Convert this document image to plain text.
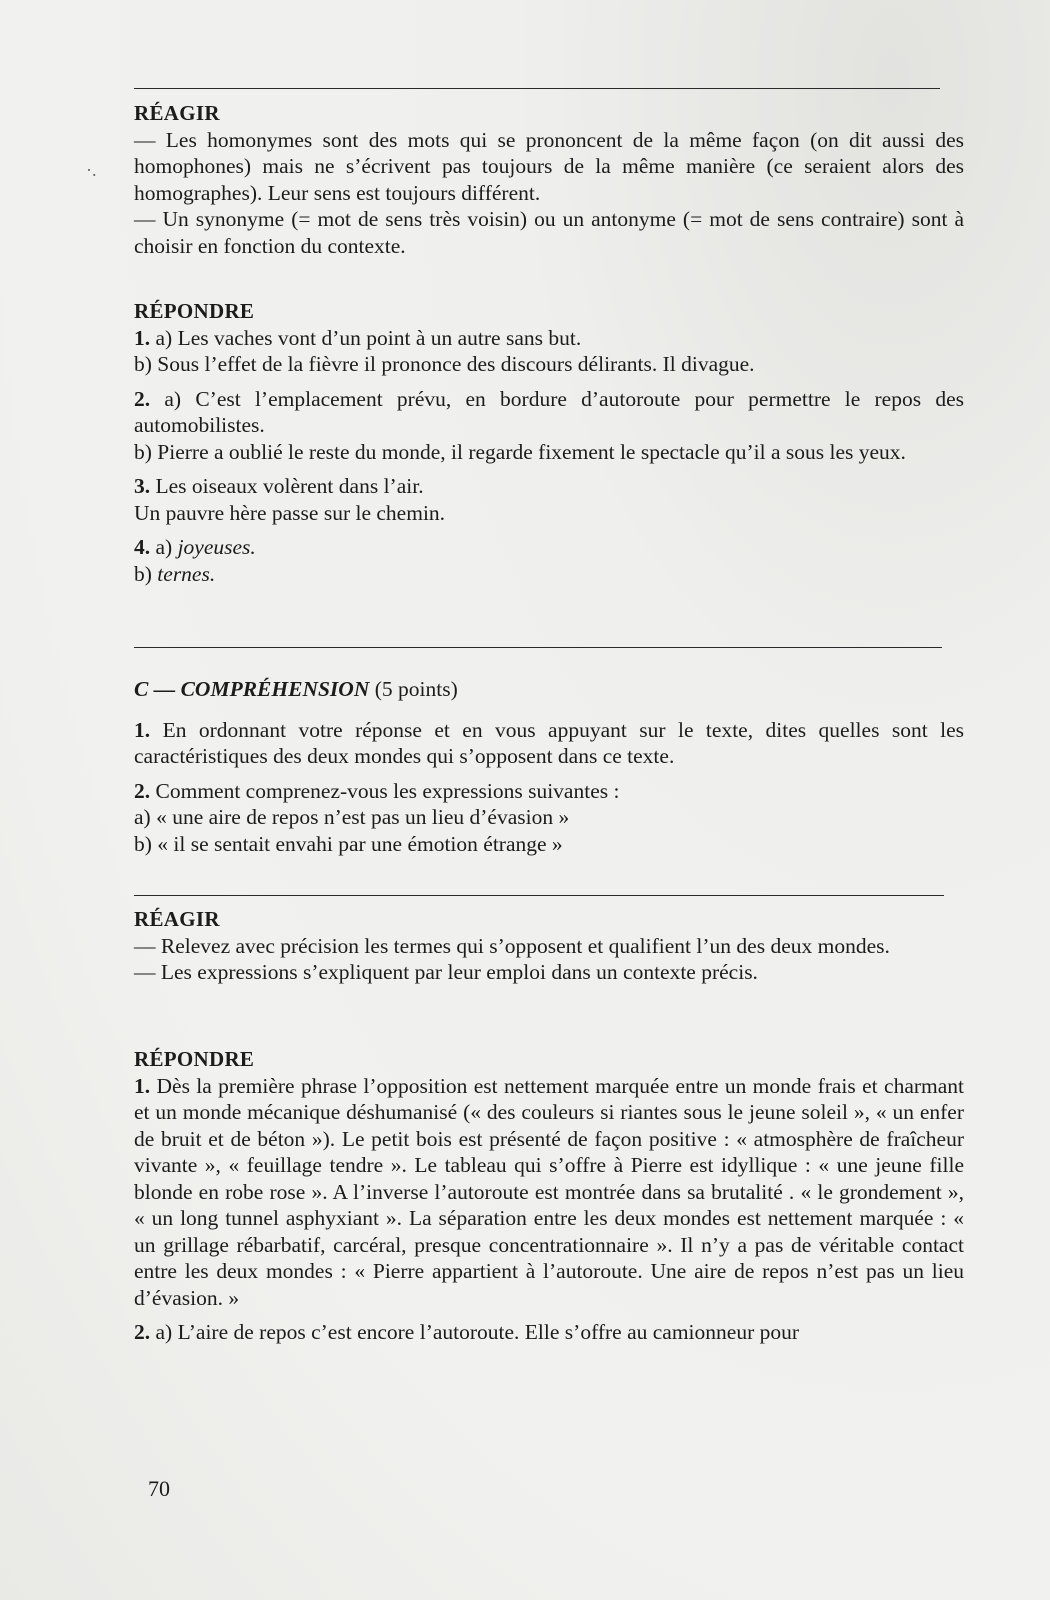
·.
RÉAGIR

— Les homonymes sont des mots qui se prononcent de la même façon (on dit aussi des homophones) mais ne s’écrivent pas toujours de la même manière (ce seraient alors des homographes). Leur sens est toujours différent.

— Un synonyme (= mot de sens très voisin) ou un antonyme (= mot de sens contraire) sont à choisir en fonction du contexte.

RÉPONDRE

1. a) Les vaches vont d’un point à un autre sans but.

b) Sous l’effet de la fièvre il prononce des discours délirants. Il divague.

2. a) C’est l’emplacement prévu, en bordure d’autoroute pour permettre le repos des automobilistes.

b) Pierre a oublié le reste du monde, il regarde fixement le spectacle qu’il a sous les yeux.

3. Les oiseaux volèrent dans l’air.

Un pauvre hère passe sur le chemin.

4. a) joyeuses.

b) ternes.

C — COMPRÉHENSION (5 points)

1. En ordonnant votre réponse et en vous appuyant sur le texte, dites quelles sont les caractéristiques des deux mondes qui s’opposent dans ce texte.

2. Comment comprenez-vous les expressions suivantes :

a) « une aire de repos n’est pas un lieu d’évasion »

b) « il se sentait envahi par une émotion étrange »

RÉAGIR

— Relevez avec précision les termes qui s’opposent et qualifient l’un des deux mondes.

— Les expressions s’expliquent par leur emploi dans un contexte précis.

RÉPONDRE

1. Dès la première phrase l’opposition est nettement marquée entre un monde frais et charmant et un monde mécanique déshumanisé (« des couleurs si riantes sous le jeune soleil », « un enfer de bruit et de béton »). Le petit bois est présenté de façon positive : « atmosphère de fraîcheur vivante », « feuillage tendre ». Le tableau qui s’offre à Pierre est idyllique : « une jeune fille blonde en robe rose ». A l’inverse l’autoroute est montrée dans sa brutalité . « le grondement », « un long tunnel asphyxiant ». La séparation entre les deux mondes est nettement marquée : « un grillage rébarbatif, carcéral, presque concentrationnaire ». Il n’y a pas de véritable contact entre les deux mondes : « Pierre appartient à l’autoroute. Une aire de repos n’est pas un lieu d’évasion. »

2. a) L’aire de repos c’est encore l’autoroute. Elle s’offre au camionneur pour

70
